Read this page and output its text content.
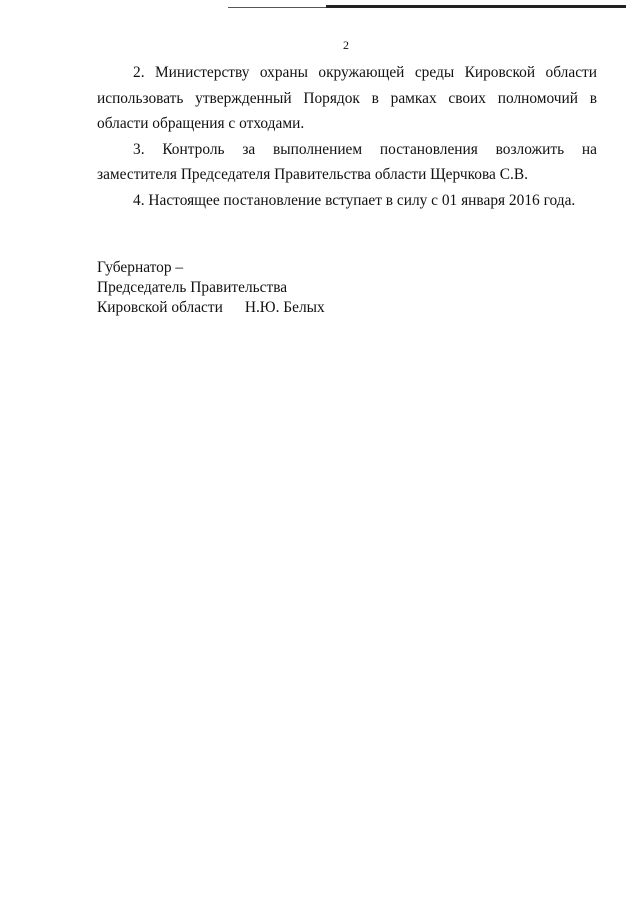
2

2. Министерству охраны окружающей среды Кировской области использовать утвержденный Порядок в рамках своих полномочий в области обращения с отходами.

3. Контроль за выполнением постановления возложить на заместителя Председателя Правительства области Щерчкова С.В.

4. Настоящее постановление вступает в силу с 01 января 2016 года.

Губернатор –
Председатель Правительства
Кировской области Н.Ю. Белых
